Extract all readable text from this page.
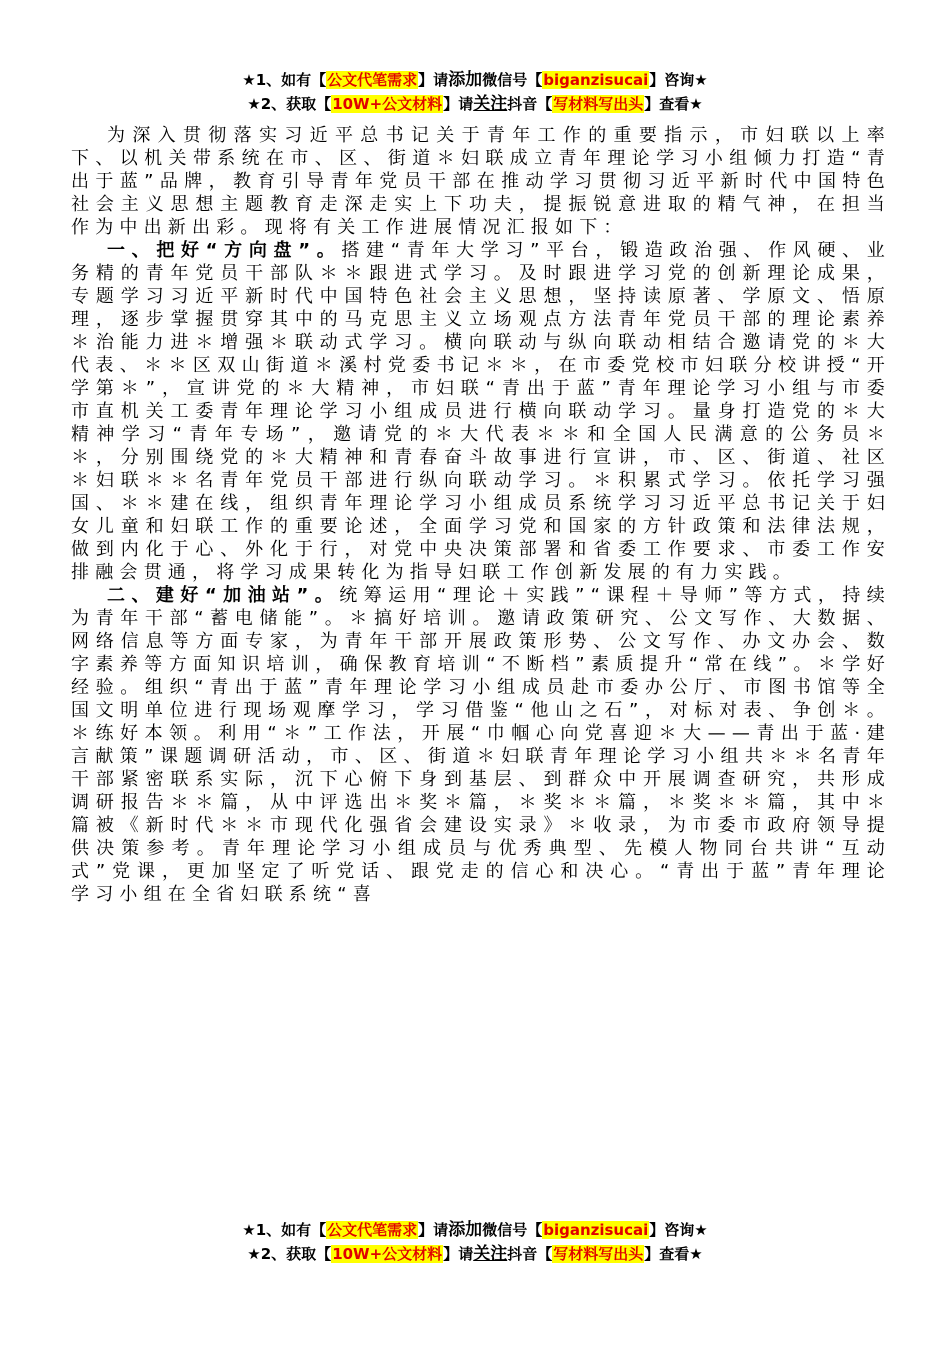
★1、如有【公文代笔需求】请添加微信号【biganzisucai】咨询★
★2、获取【10W+公文材料】请关注抖音【写材料写出头】查看★

为深入贯彻落实习近平总书记关于青年工作的重要指示，市妇联以上率下、以机关带系统在市、区、街道＊妇联成立青年理论学习小组倾力打造“青出于蓝”品牌，教育引导青年党员干部在推动学习贯彻习近平新时代中国特色社会主义思想主题教育走深走实上下功夫，提振锐意进取的精气神，在担当作为中出新出彩。现将有关工作进展情况汇报如下：

一、把好“方向盘”。搭建“青年大学习”平台，锻造政治强、作风硬、业务精的青年党员干部队＊＊跟进式学习。及时跟进学习党的创新理论成果，专题学习习近平新时代中国特色社会主义思想，坚持读原著、学原文、悟原理，逐步掌握贯穿其中的马克思主义立场观点方法青年党员干部的理论素养＊治能力进＊增强＊联动式学习。横向联动与纵向联动相结合邀请党的＊大代表、＊＊区双山街道＊溪村党委书记＊＊，在市委党校市妇联分校讲授“开学第＊”，宣讲党的＊大精神，市妇联“青出于蓝”青年理论学习小组与市委市直机关工委青年理论学习小组成员进行横向联动学习。量身打造党的＊大精神学习“青年专场”，邀请党的＊大代表＊＊和全国人民满意的公务员＊＊，分别围绕党的＊大精神和青春奋斗故事进行宣讲，市、区、街道、社区＊妇联＊＊名青年党员干部进行纵向联动学习。＊积累式学习。依托学习强国、＊＊建在线，组织青年理论学习小组成员系统学习习近平总书记关于妇女儿童和妇联工作的重要论述，全面学习党和国家的方针政策和法律法规，做到内化于心、外化于行，对党中央决策部署和省委工作要求、市委工作安排融会贯通，将学习成果转化为指导妇联工作创新发展的有力实践。

二、建好“加油站”。统筹运用“理论＋实践”“课程＋导师”等方式，持续为青年干部“蓄电储能”。＊搞好培训。邀请政策研究、公文写作、大数据、网络信息等方面专家，为青年干部开展政策形势、公文写作、办文办会、数字素养等方面知识培训，确保教育培训“不断档”素质提升“常在线”。＊学好经验。组织“青出于蓝”青年理论学习小组成员赴市委办公厅、市图书馆等全国文明单位进行现场观摩学习，学习借鉴“他山之石”，对标对表、争创＊。＊练好本领。利用“＊”工作法，开展“巾帼心向党喜迎＊大——青出于蓝·建言献策”课题调研活动，市、区、街道＊妇联青年理论学习小组共＊＊名青年干部紧密联系实际，沉下心俯下身到基层、到群众中开展调查研究，共形成调研报告＊＊篇，从中评选出＊奖＊篇，＊奖＊＊篇，＊奖＊＊篇，其中＊篇被《新时代＊＊市现代化强省会建设实录》＊收录，为市委市政府领导提供决策参考。青年理论学习小组成员与优秀典型、先模人物同台共讲“互动式”党课，更加坚定了听党话、跟党走的信心和决心。“青出于蓝”青年理论学习小组在全省妇联系统“喜

★1、如有【公文代笔需求】请添加微信号【biganzisucai】咨询★
★2、获取【10W+公文材料】请关注抖音【写材料写出头】查看★
